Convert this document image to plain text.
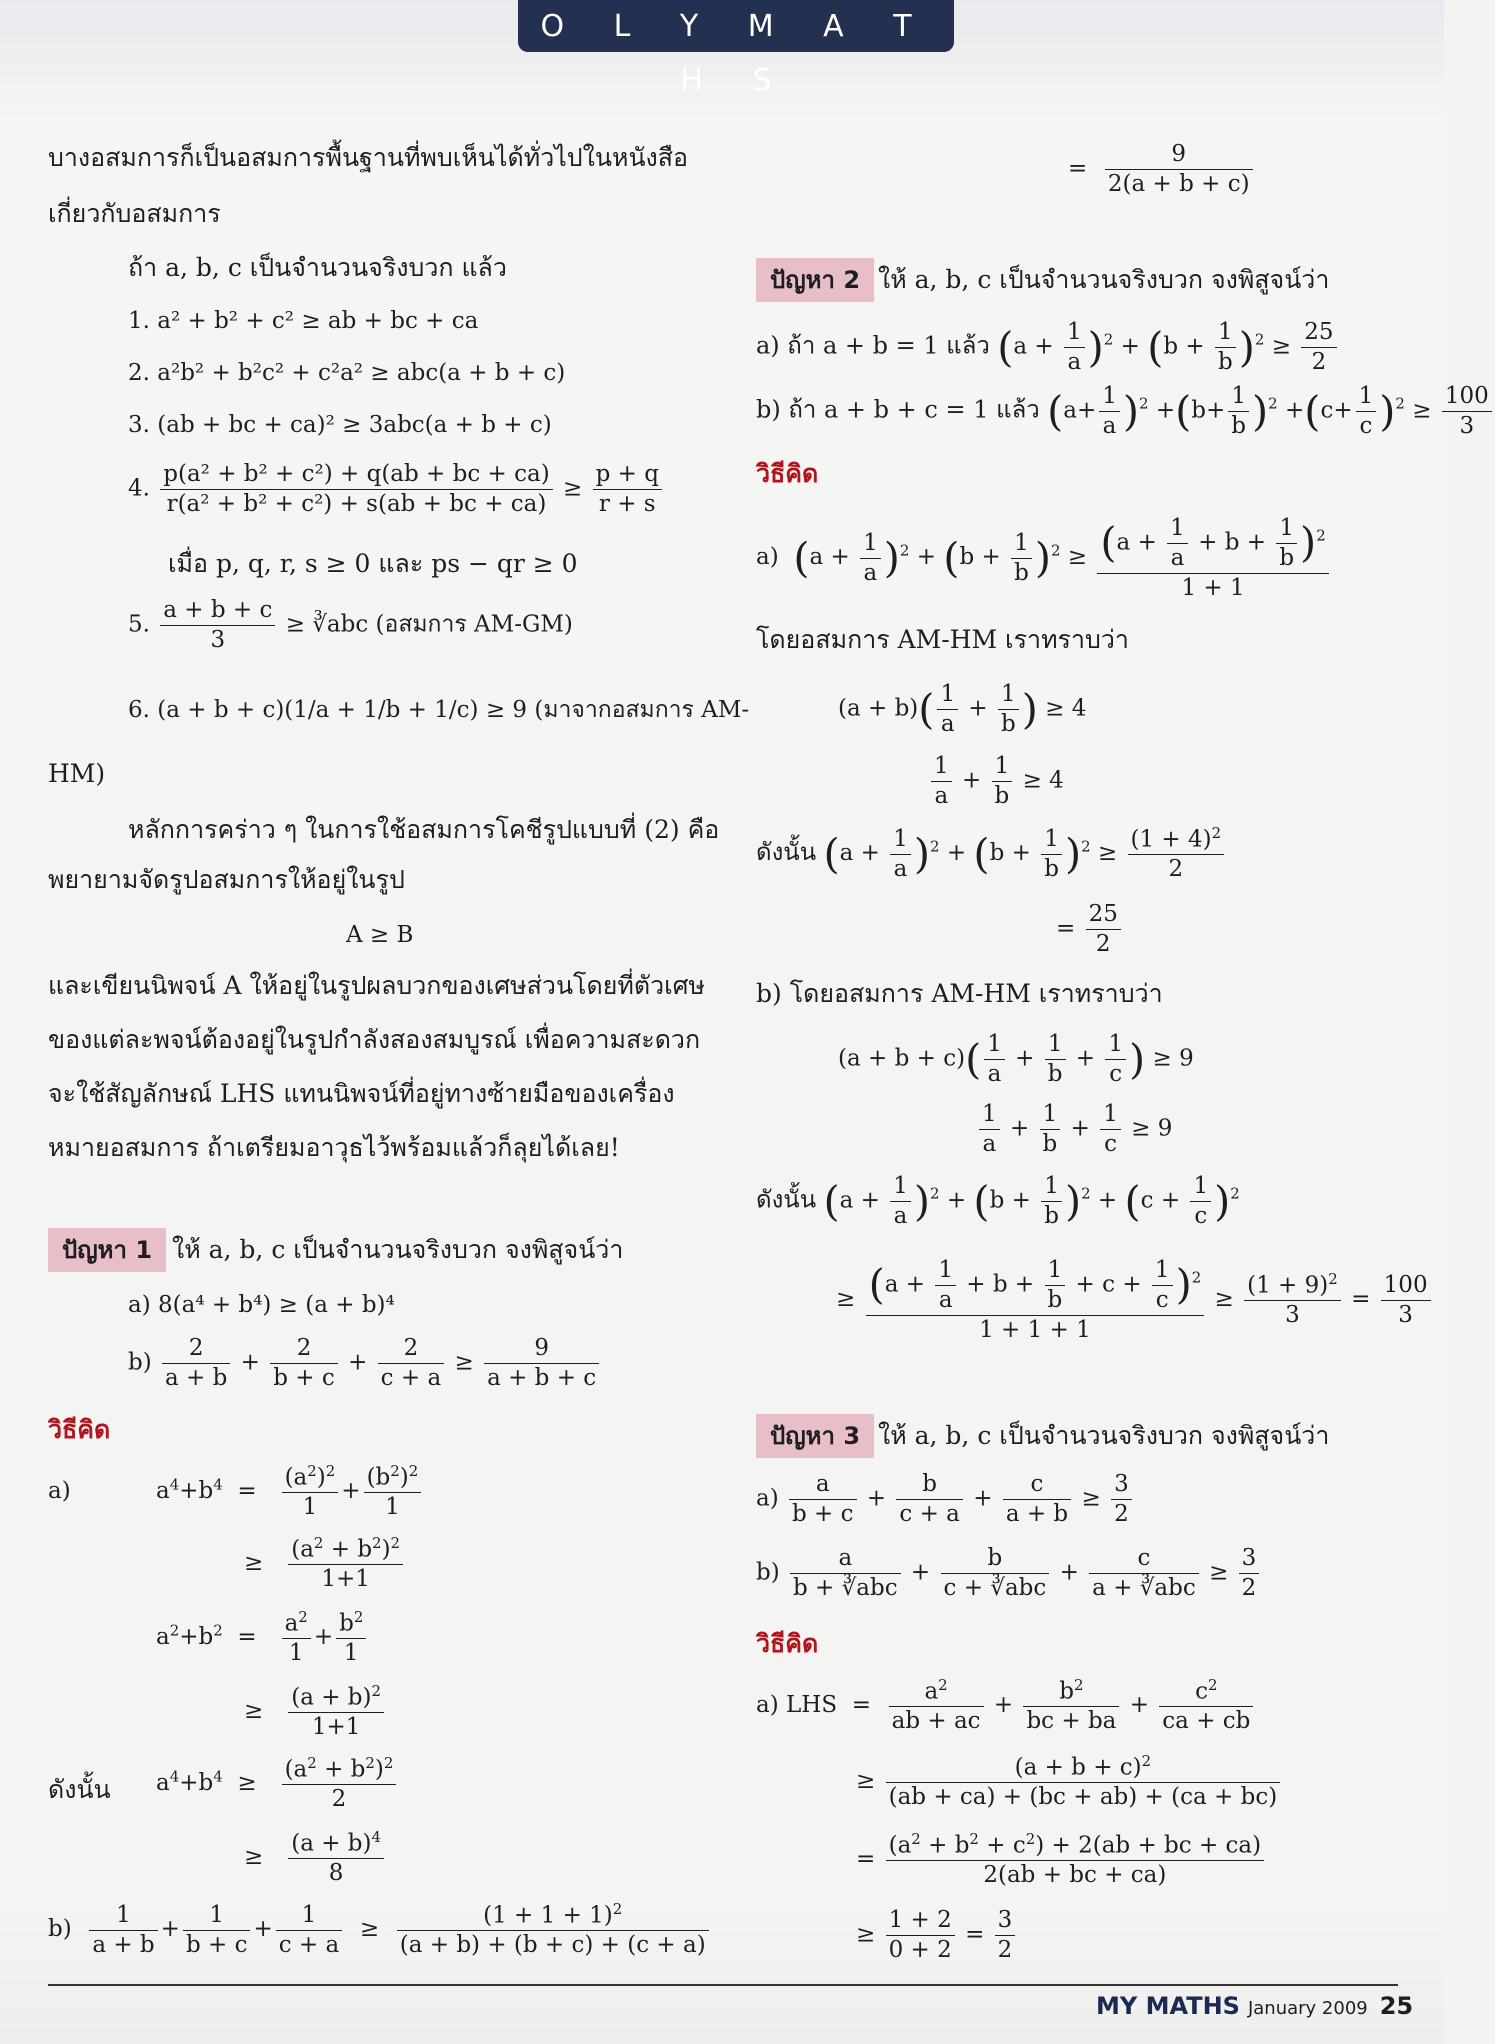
O L Y M A T H S
บางอสมการก็เป็นอสมการพื้นฐานที่พบเห็นได้ทั่วไปในหนังสือ
เกี่ยวกับอสมการ
ถ้า a, b, c เป็นจำนวนจริงบวก แล้ว
1. a² + b² + c² ≥ ab + bc + ca
2. a²b² + b²c² + c²a² ≥ abc(a + b + c)
3. (ab + bc + ca)² ≥ 3abc(a + b + c)
4. $\frac{\text{p(a² + b² + c²) + q(ab + bc + ca)}}{\text{r(a² + b² + c²) + s(ab + bc + ca)}} \ge \frac{p + q}{r + s}$
เมื่อ p, q, r, s ≥ 0 และ ps − qr ≥ 0
5. $\frac{a + b + c}{3}$ ≥ ∛abc (อสมการ AM-GM)
6. (a + b + c)(1/a + 1/b + 1/c) ≥ 9 (มาจากอสมการ AM-
HM)
หลักการคร่าว ๆ ในการใช้อสมการโคชีรูปแบบที่ (2) คือ
พยายามจัดรูปอสมการให้อยู่ในรูป
A ≥ B
และเขียนนิพจน์ A ให้อยู่ในรูปผลบวกของเศษส่วนโดยที่ตัวเศษ
ของแต่ละพจน์ต้องอยู่ในรูปกำลังสองสมบูรณ์ เพื่อความสะดวก
จะใช้สัญลักษณ์ LHS แทนนิพจน์ที่อยู่ทางซ้ายมือของเครื่อง
หมายอสมการ ถ้าเตรียมอาวุธไว้พร้อมแล้วก็ลุยได้เลย!
ปัญหา 1 ให้ a, b, c เป็นจำนวนจริงบวก จงพิสูจน์ว่า
a) 8(a⁴ + b⁴) ≥ (a + b)⁴
$b) \frac{2}{a + b} + \frac{2}{b + c} + \frac{2}{c + a} \ge \frac{9}{a + b + c}$
วิธีคิด
a)	$a^4+b^4 = \frac{(a^2)^2}{1} + \frac{(b^2)^2}{1}$
≥ $\frac{(a^2 + b^2)^2}{1+1}$
$a^2+b^2 = \frac{a^2}{1} + \frac{b^2}{1}$
≥ $\frac{(a + b)^2}{1+1}$
ดังนั้น $a^4+b^4 \ge \frac{(a^2 + b^2)^2}{2}$
≥ $\frac{(a + b)^4}{8}$
$b) \frac{1}{a + b} + \frac{1}{b + c} + \frac{1}{c + a} \ge \frac{(1 + 1 + 1)^2}{(a + b) + (b + c) + (c + a)}$
= $\frac{9}{2(a + b + c)}$
ปัญหา 2 ให้ a, b, c เป็นจำนวนจริงบวก จงพิสูจน์ว่า
a) ถ้า a + b = 1 แล้ว $(a + \frac{1}{a} )^2 + (b + \frac{1}{b} )^2 \ge \frac{25}{2}$
b) ถ้า a + b + c = 1 แล้ว $(a+ \frac{1}{a} )^2 +(b+ \frac{1}{b} )^2 +(c+ \frac{1}{c} )^2 \ge \frac{100}{3}$
วิธีคิด
a)  $(a + \frac{1}{a} )^2 + (b + \frac{1}{b} )^2 \ge \frac{(a + \frac{1}{a} + b + \frac{1}{b} )^2}{1 + 1}$
โดยอสมการ AM-HM เราทราบว่า
$(a + b)( \frac{1}{a} + \frac{1}{b}$ ) ≥ 4
$\frac{1}{a} + \frac{1}{b} \ge 4$
ดังนั้น $(a + \frac{1}{a} )^2 + (b + \frac{1}{b} )^2 \ge \frac{(1 + 4)^2}{2}$
= $\frac{25}{2}$
b) โดยอสมการ AM-HM เราทราบว่า
$(a + b + c)( \frac{1}{a} + \frac{1}{b} + \frac{1}{c}$ ) ≥ 9
$\frac{1}{a} + \frac{1}{b} + \frac{1}{c} \ge 9$
ดังนั้น $(a + \frac{1}{a} )^2 + (b + \frac{1}{b} )^2 + (c + \frac{1}{c} )^2$
≥ $\frac{(a + \frac{1}{a} + b + \frac{1}{b} + c + \frac{1}{c} )^2}{1 + 1 + 1} \ge \frac{(1 + 9)^2}{3} = \frac{100}{3}$
ปัญหา 3 ให้ a, b, c เป็นจำนวนจริงบวก จงพิสูจน์ว่า
$a) \frac{a}{b + c} + \frac{b}{c + a} + \frac{c}{a + b} \ge \frac{3}{2}$
$b) \frac{a}{\text{b + ∛abc}} + \frac{b}{\text{c + ∛abc}} + \frac{c}{\text{a + ∛abc}} \ge \frac{3}{2}$
วิธีคิด
a) LHS  = $\frac{a^2}{ab + ac} + \frac{b^2}{bc + ba} + \frac{c^2}{ca + cb}$
≥ $\frac{(a + b + c)^2}{(ab + ca) + (bc + ab) + (ca + bc)}$
= $\frac{(a^2 + b^2 + c^2) + 2(ab + bc + ca)}{2(ab + bc + ca)}$
≥ $\frac{1 + 2}{0 + 2} = \frac{3}{2}$
MY MATHS January 2009 25
